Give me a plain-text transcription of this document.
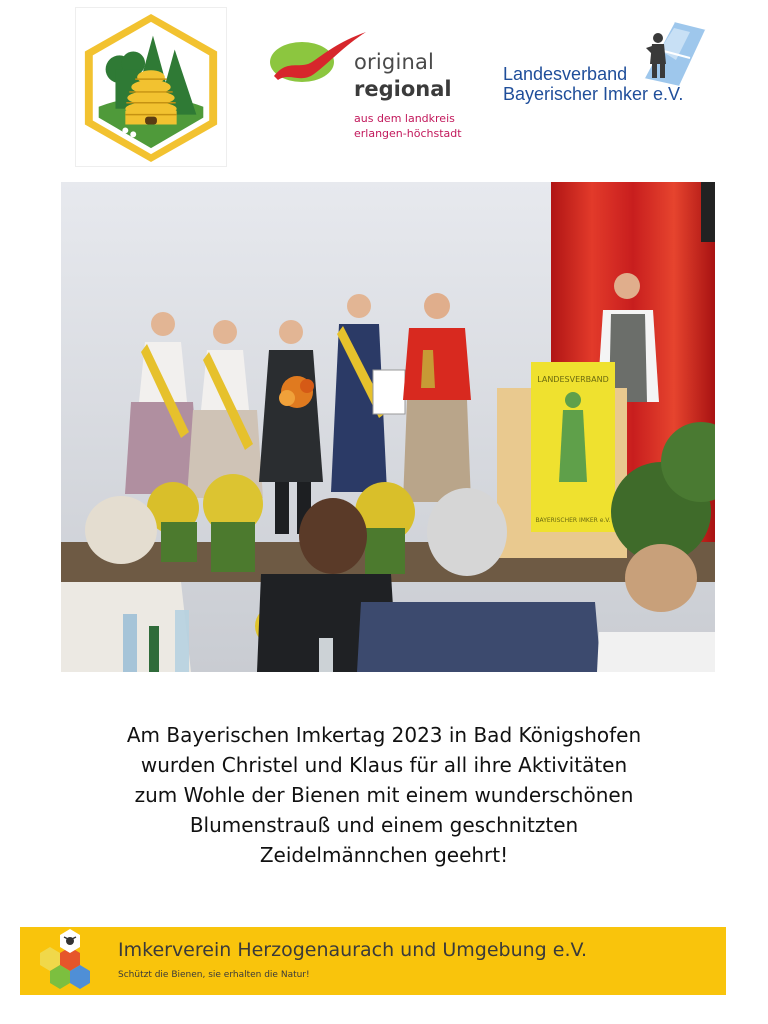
original
regional
aus dem landkreis
erlangen-höchstadt
Landesverband
Bayerischer Imker e.V.
LANDESVERBAND
BAYERISCHER IMKER e.V.
Am Bayerischen Imkertag 2023 in Bad Königshofen
wurden Christel und Klaus für all ihre Aktivitäten
zum Wohle der Bienen mit einem wunderschönen
Blumenstrauß und einem geschnitzten
Zeidelmännchen geehrt!
Imkerverein Herzogenaurach und Umgebung e.V.
Schützt die Bienen, sie erhalten die Natur!
